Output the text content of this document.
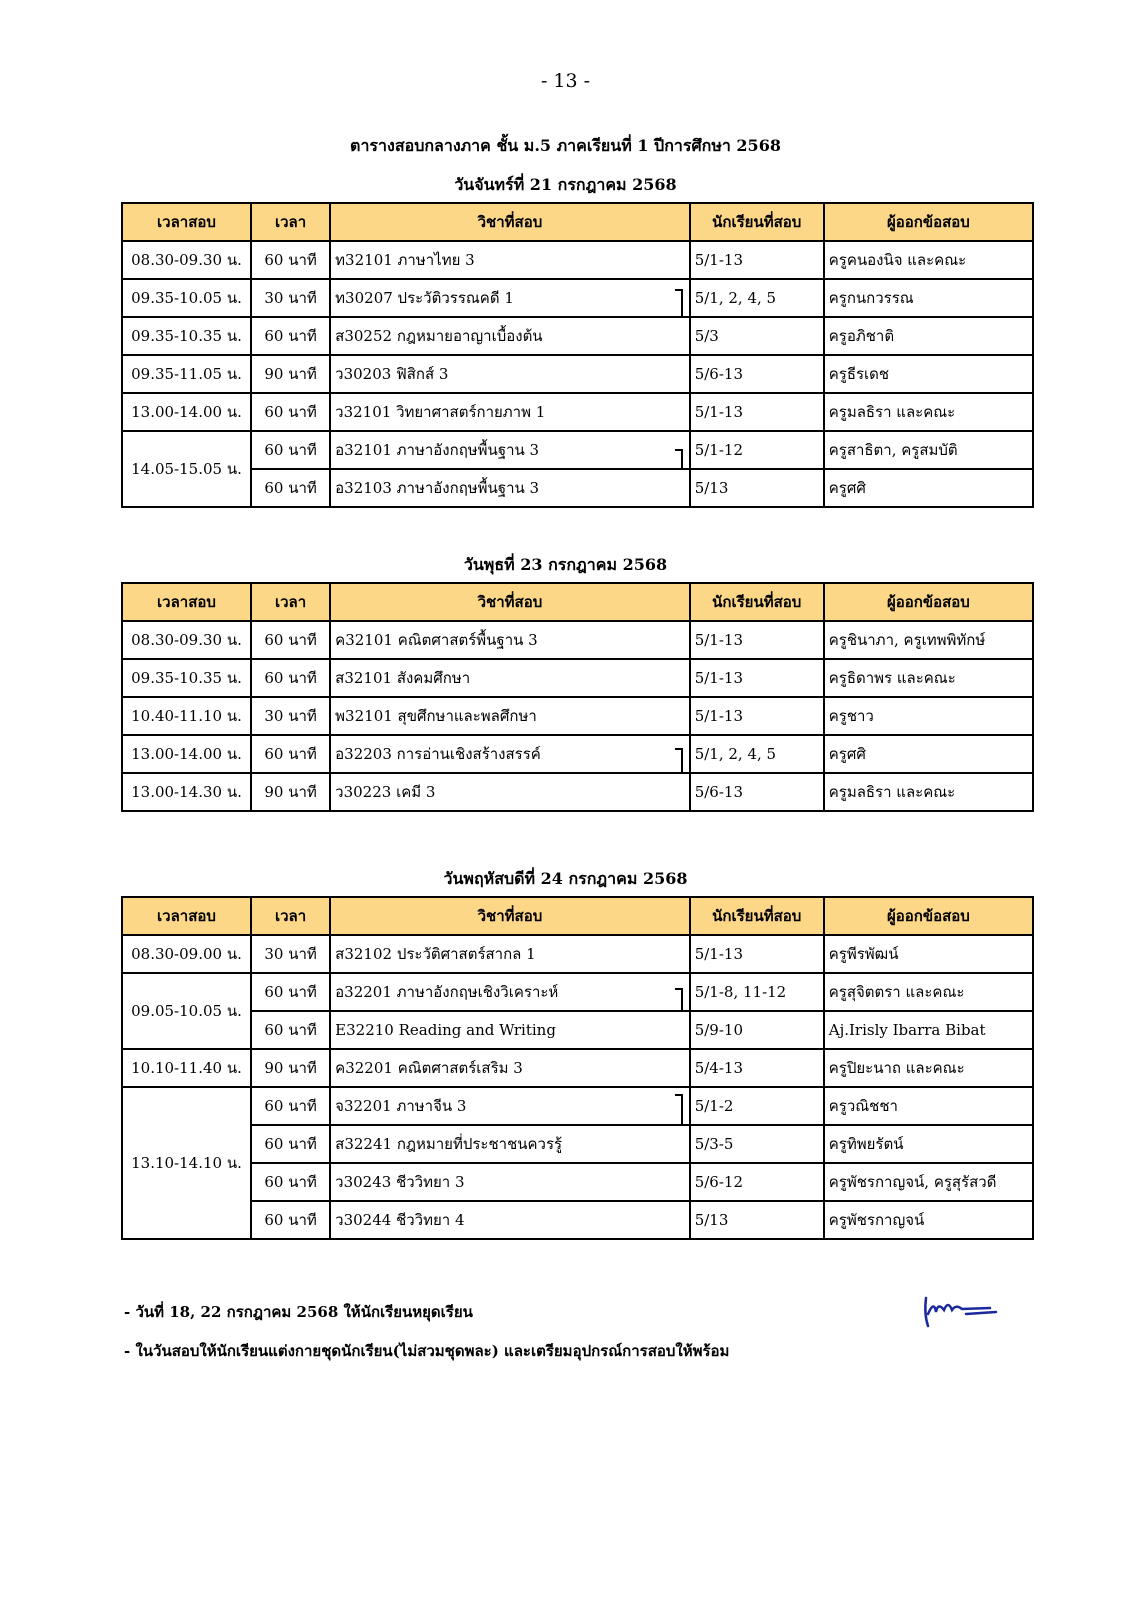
- 13 -
ตารางสอบกลางภาค ชั้น ม.5 ภาคเรียนที่ 1 ปีการศึกษา 2568
วันจันทร์ที่ 21 กรกฎาคม 2568
เวลาสอบ	เวลา	วิชาที่สอบ	นักเรียนที่สอบ	ผู้ออกข้อสอบ
08.30-09.30 น.	60 นาที	ท32101 ภาษาไทย 3	5/1-13	ครูคนองนิจ และคณะ
09.35-10.05 น.	30 นาที	ท30207 ประวัติวรรณคดี 1	5/1, 2, 4, 5	ครูกนกวรรณ
09.35-10.35 น.	60 นาที	ส30252 กฎหมายอาญาเบื้องต้น	5/3	ครูอภิชาติ
09.35-11.05 น.	90 นาที	ว30203 ฟิสิกส์ 3	5/6-13	ครูธีรเดช
13.00-14.00 น.	60 นาที	ว32101 วิทยาศาสตร์กายภาพ 1	5/1-13	ครูมลธิรา และคณะ
14.05-15.05 น.	60 นาที	อ32101 ภาษาอังกฤษพื้นฐาน 3	5/1-12	ครูสาธิตา, ครูสมบัติ
	60 นาที	อ32103 ภาษาอังกฤษพื้นฐาน 3	5/13	ครูศศิ
วันพุธที่ 23 กรกฎาคม 2568
เวลาสอบ	เวลา	วิชาที่สอบ	นักเรียนที่สอบ	ผู้ออกข้อสอบ
08.30-09.30 น.	60 นาที	ค32101 คณิตศาสตร์พื้นฐาน 3	5/1-13	ครูชินาภา, ครูเทพพิทักษ์
09.35-10.35 น.	60 นาที	ส32101 สังคมศึกษา	5/1-13	ครูธิดาพร และคณะ
10.40-11.10 น.	30 นาที	พ32101 สุขศึกษาและพลศึกษา	5/1-13	ครูชาว
13.00-14.00 น.	60 นาที	อ32203 การอ่านเชิงสร้างสรรค์	5/1, 2, 4, 5	ครูศศิ
13.00-14.30 น.	90 นาที	ว30223 เคมี 3	5/6-13	ครูมลธิรา และคณะ
วันพฤหัสบดีที่ 24 กรกฎาคม 2568
เวลาสอบ	เวลา	วิชาที่สอบ	นักเรียนที่สอบ	ผู้ออกข้อสอบ
08.30-09.00 น.	30 นาที	ส32102 ประวัติศาสตร์สากล 1	5/1-13	ครูพีรพัฒน์
09.05-10.05 น.	60 นาที	อ32201 ภาษาอังกฤษเชิงวิเคราะห์	5/1-8, 11-12	ครูสุจิตตรา และคณะ
	60 นาที	E32210 Reading and Writing	5/9-10	Aj.Irisly Ibarra Bibat
10.10-11.40 น.	90 นาที	ค32201 คณิตศาสตร์เสริม 3	5/4-13	ครูปิยะนาถ และคณะ
13.10-14.10 น.	60 นาที	จ32201 ภาษาจีน 3	5/1-2	ครูวณิชชา
	60 นาที	ส32241 กฎหมายที่ประชาชนควรรู้	5/3-5	ครูทิพยรัตน์
	60 นาที	ว30243 ชีววิทยา 3	5/6-12	ครูพัชรกาญจน์, ครูสุรัสวดี
	60 นาที	ว30244 ชีววิทยา 4	5/13	ครูพัชรกาญจน์
- วันที่ 18, 22 กรกฎาคม 2568 ให้นักเรียนหยุดเรียน
- ในวันสอบให้นักเรียนแต่งกายชุดนักเรียน(ไม่สวมชุดพละ) และเตรียมอุปกรณ์การสอบให้พร้อม
